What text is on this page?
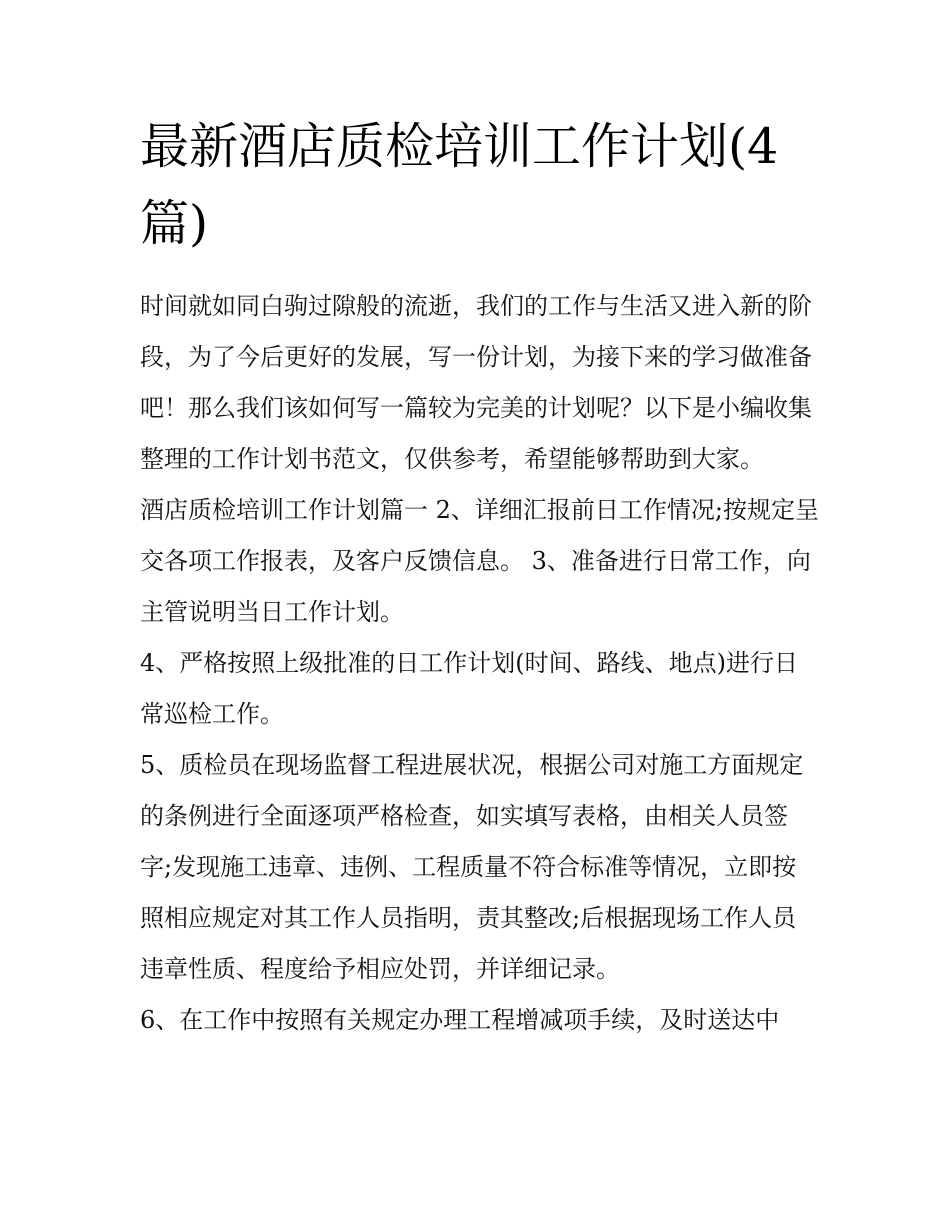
最新酒店质检培训工作计划(4篇)

时间就如同白驹过隙般的流逝，我们的工作与生活又进入新的阶段，为了今后更好的发展，写一份计划，为接下来的学习做准备吧！那么我们该如何写一篇较为完美的计划呢？以下是小编收集整理的工作计划书范文，仅供参考，希望能够帮助到大家。

酒店质检培训工作计划篇一 2、详细汇报前日工作情况;按规定呈交各项工作报表，及客户反馈信息。 3、准备进行日常工作，向主管说明当日工作计划。

4、严格按照上级批准的日工作计划(时间、路线、地点)进行日常巡检工作。

5、质检员在现场监督工程进展状况，根据公司对施工方面规定的条例进行全面逐项严格检查，如实填写表格，由相关人员签字;发现施工违章、违例、工程质量不符合标准等情况，立即按照相应规定对其工作人员指明，责其整改;后根据现场工作人员违章性质、程度给予相应处罚，并详细记录。

6、在工作中按照有关规定办理工程增减项手续，及时送达中
